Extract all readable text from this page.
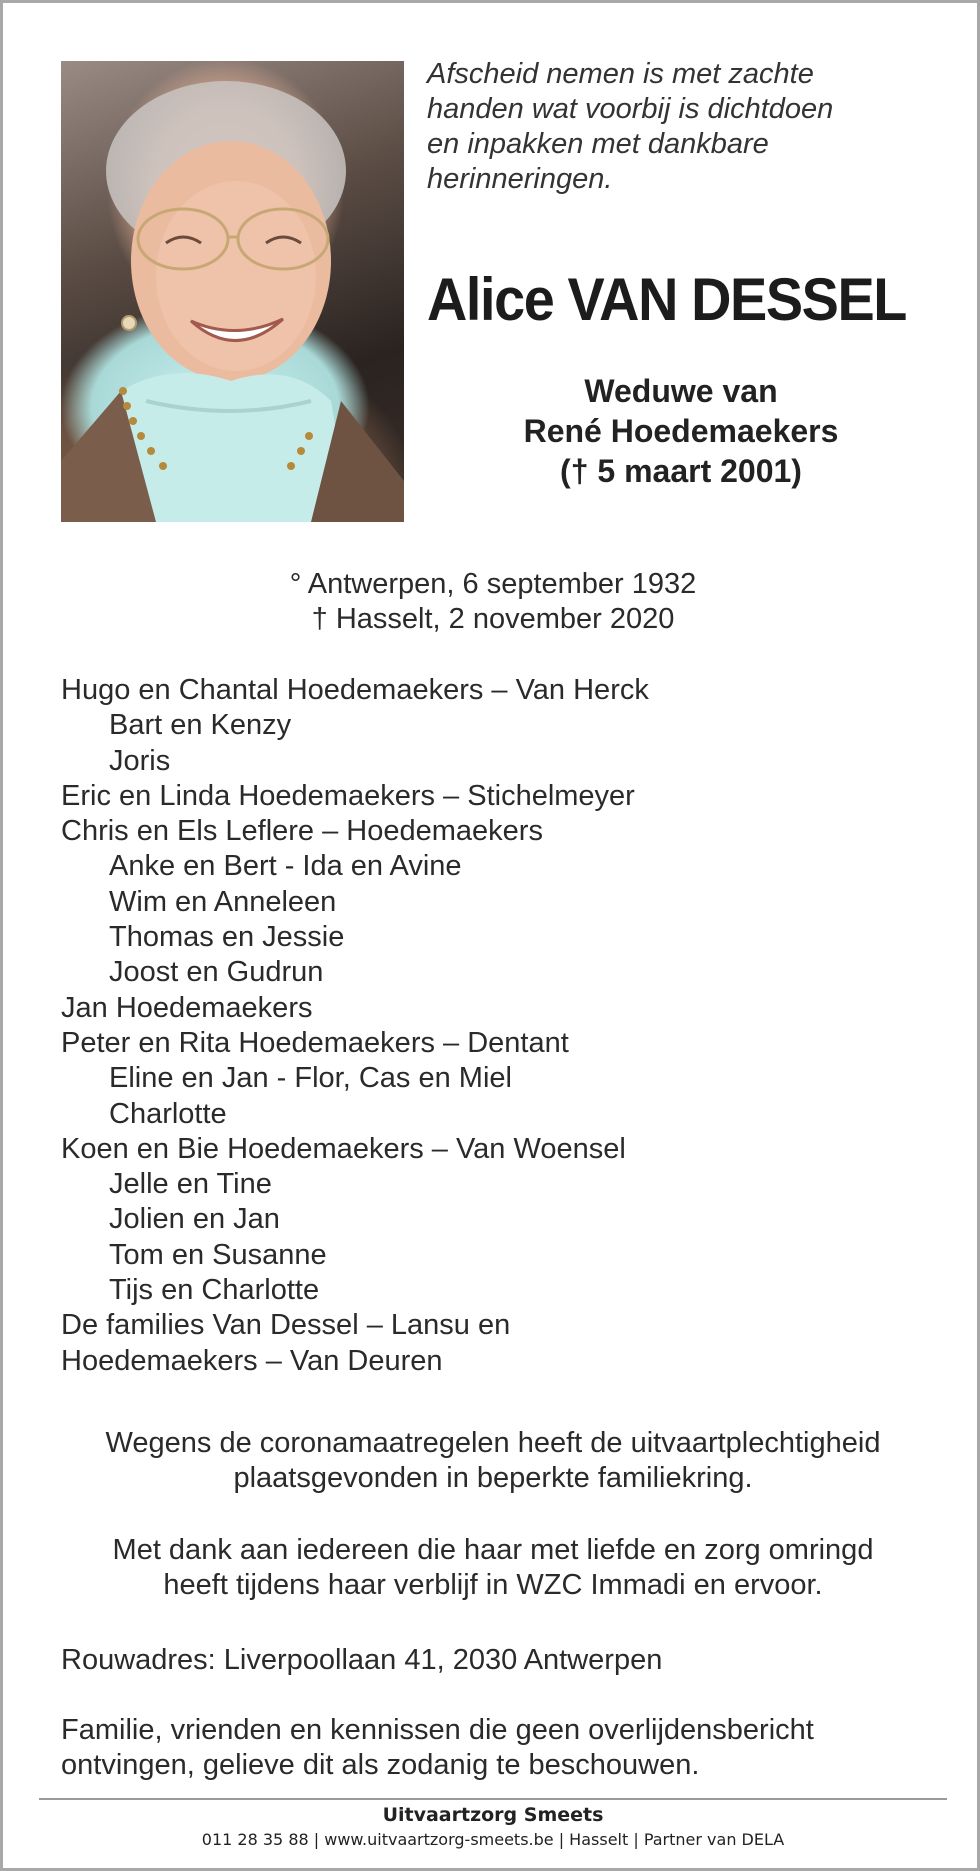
Afscheid nemen is met zachte
handen wat voorbij is dichtdoen
en inpakken met dankbare
herinneringen.
Alice VAN DESSEL
Weduwe van
René Hoedemaekers
(† 5 maart 2001)
° Antwerpen, 6 september 1932
† Hasselt, 2 november 2020
Hugo en Chantal Hoedemaekers – Van Herck
Bart en Kenzy
Joris
Eric en Linda Hoedemaekers – Stichelmeyer
Chris en Els Leflere – Hoedemaekers
Anke en Bert - Ida en Avine
Wim en Anneleen
Thomas en Jessie
Joost en Gudrun
Jan Hoedemaekers
Peter en Rita Hoedemaekers – Dentant
Eline en Jan - Flor, Cas en Miel
Charlotte
Koen en Bie Hoedemaekers – Van Woensel
Jelle en Tine
Jolien en Jan
Tom en Susanne
Tijs en Charlotte
De families Van Dessel – Lansu en
Hoedemaekers – Van Deuren
Wegens de coronamaatregelen heeft de uitvaartplechtigheid
plaatsgevonden in beperkte familiekring.
Met dank aan iedereen die haar met liefde en zorg omringd
heeft tijdens haar verblijf in WZC Immadi en ervoor.
Rouwadres: Liverpoollaan 41, 2030 Antwerpen
Familie, vrienden en kennissen die geen overlijdensbericht
ontvingen, gelieve dit als zodanig te beschouwen.
Uitvaartzorg Smeets
011 28 35 88 | www.uitvaartzorg-smeets.be | Hasselt | Partner van DELA
